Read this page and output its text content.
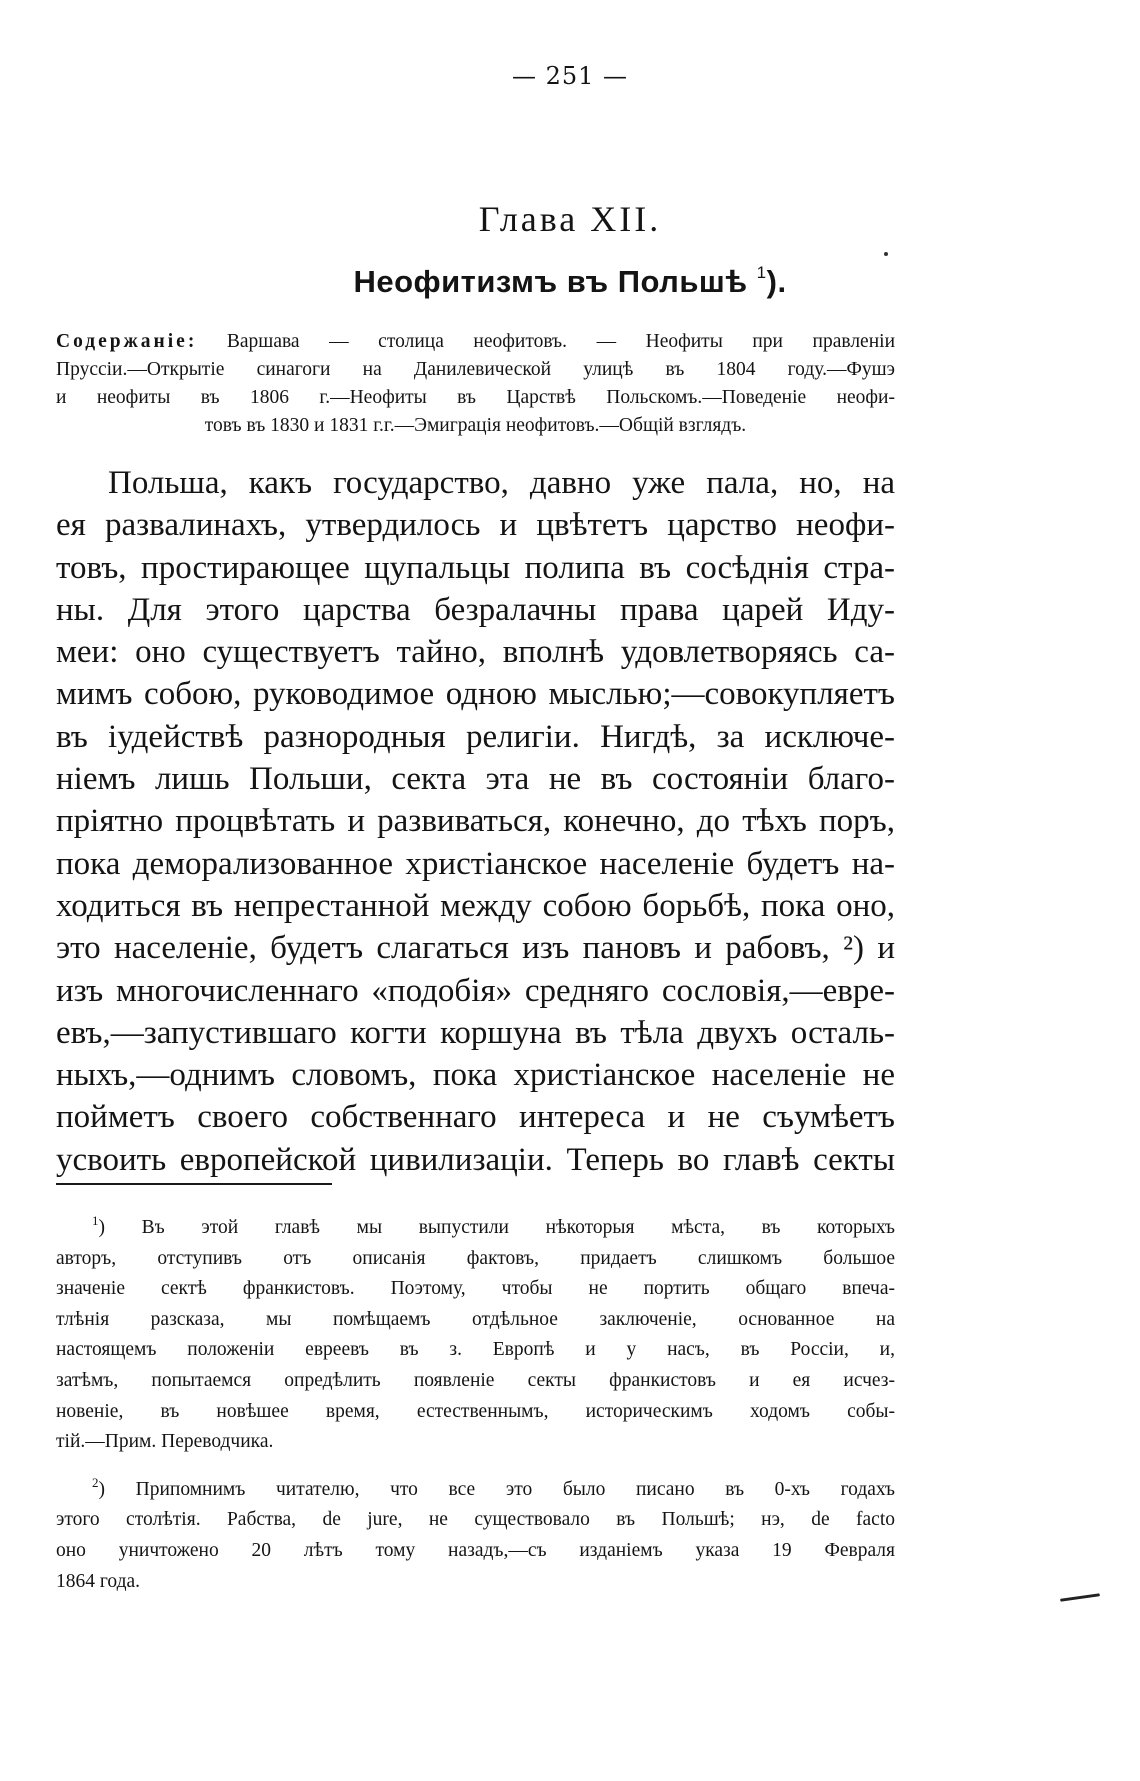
— 251 —
Глава XII.
Неофитизмъ въ Польшѣ $^1$).
Содержанiе: Варшава — столица неофитовъ. — Неофиты при правленiи
Пруссiи.—Открытiе синагоги на Данилевической улицѣ въ 1804 году.—Фушэ
и неофиты въ 1806 г.—Неофиты въ Царствѣ Польскомъ.—Поведенiе неофи-
товъ въ 1830 и 1831 г.г.—Эмиграцiя неофитовъ.—Общiй взглядъ.
Польша, какъ государство, давно уже пала, но, на
ея развалинахъ, утвердилось и цвѣтетъ царство неофи-
товъ, простирающее щупальцы полипа въ сосѣднiя стра-
ны. Для этого царства безралачны права царей Иду-
меи: оно существуетъ тайно, вполнѣ удовлетворяясь са-
мимъ собою, руководимое одною мыслью;—совокупляетъ
въ iудействѣ разнородныя религiи. Нигдѣ, за исключе-
нiемъ лишь Польши, секта эта не въ состоянiи благо-
прiятно процвѣтать и развиваться, конечно, до тѣхъ поръ,
пока деморализованное христiанское населенiе будетъ на-
ходиться въ непрестанной между собою борьбѣ, пока оно,
это населенiе, будетъ слагаться изъ пановъ и рабовъ, ²) и
изъ многочисленнаго «подобiя» средняго сословiя,—евре-
евъ,—запустившаго когти коршуна въ тѣла двухъ осталь-
ныхъ,—однимъ словомъ, пока христiанское населенiе не
пойметъ своего собственнаго интереса и не съумѣетъ
усвоить европейской цивилизацiи. Теперь во главѣ секты
$^1$) Въ этой главѣ мы выпустили нѣкоторыя мѣста, въ которыхъ
авторъ, отступивъ отъ описанiя фактовъ, придаетъ слишкомъ большое
значенiе сектѣ франкистовъ. Поэтому, чтобы не портить общаго впеча-
тлѣнiя разсказа, мы помѣщаемъ отдѣльное заключенiе, основанное на
настоящемъ положенiи евреевъ въ з. Европѣ и у насъ, въ Россiи, и,
затѣмъ, попытаемся опредѣлить появленiе секты франкистовъ и ея исчез-
новенiе, въ новѣшее время, естественнымъ, историческимъ ходомъ собы-
тiй.—Прим. Переводчика.
$^2$) Припомнимъ читателю, что все это было писано въ 0-хъ годахъ
этого столѣтiя. Рабства, de jure, не существовало въ Польшѣ; нэ, de facto
оно уничтожено 20 лѣтъ тому назадъ,—съ изданiемъ указа 19 Февраля
1864 года.
